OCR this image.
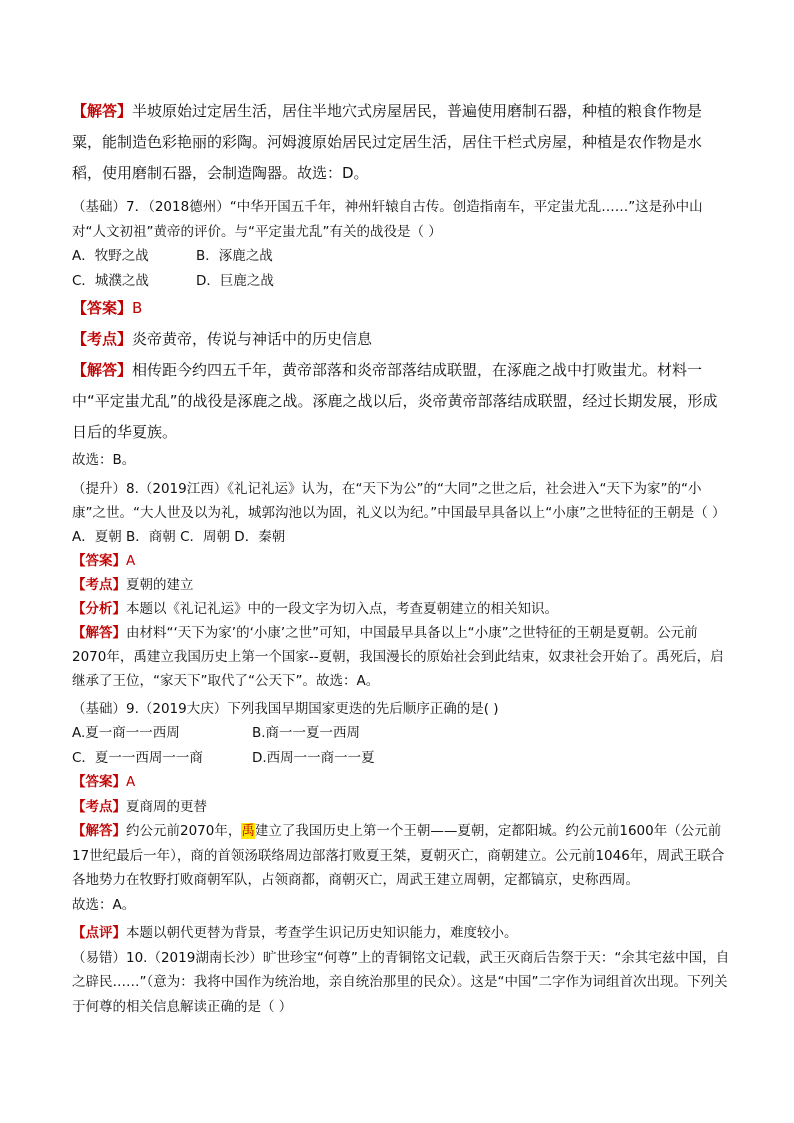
【解答】半坡原始过定居生活，居住半地穴式房屋居民，普遍使用磨制石器，种植的粮食作物是粟，能制造色彩艳丽的彩陶。河姆渡原始居民过定居生活，居住干栏式房屋，种植是农作物是水稻，使用磨制石器，会制造陶器。故选：D。

（基础）7．（2018德州）“中华开国五千年，神州轩辕自古传。创造指南车，平定蚩尤乱……”这是孙中山对“人文初祖”黄帝的评价。与“平定蚩尤乱”有关的战役是（ ）

A．牧野之战	B．涿鹿之战
C．城濮之战	D．巨鹿之战

【答案】B

【考点】炎帝黄帝，传说与神话中的历史信息

【解答】相传距今约四五千年，黄帝部落和炎帝部落结成联盟，在涿鹿之战中打败蚩尤。材料一中“平定蚩尤乱”的战役是涿鹿之战。涿鹿之战以后，炎帝黄帝部落结成联盟，经过长期发展，形成日后的华夏族。

故选：B。

（提升）8.（2019江西）《礼记礼运》认为，在“天下为公”的“大同”之世之后，社会进入“天下为家”的“小康”之世。“大人世及以为礼，城郭沟池以为固，礼义以为纪。”中国最早具备以上“小康”之世特征的王朝是（ ）

A．夏朝 B．商朝 C．周朝 D．秦朝

【答案】A

【考点】夏朝的建立

【分析】本题以《礼记礼运》中的一段文字为切入点，考查夏朝建立的相关知识。

【解答】由材料“‘天下为家’的‘小康’之世”可知，中国最早具备以上“小康”之世特征的王朝是夏朝。公元前2070年，禹建立我国历史上第一个国家--夏朝，我国漫长的原始社会到此结束，奴隶社会开始了。禹死后，启继承了王位，“家天下”取代了“公天下”。故选：A。

（基础）9.（2019大庆）下列我国早期国家更迭的先后顺序正确的是( )

A.夏一商一一西周	B.商一一夏一西周
C．夏一一西周一一商	D.西周一一商一一夏

【答案】A

【考点】夏商周的更替

【解答】约公元前2070年，禹建立了我国历史上第一个王朝——夏朝，定都阳城。约公元前1600年（公元前17世纪最后一年），商的首领汤联络周边部落打败夏王桀，夏朝灭亡，商朝建立。公元前1046年，周武王联合各地势力在牧野打败商朝军队，占领商都，商朝灭亡，周武王建立周朝，定都镐京，史称西周。

故选：A。

【点评】本题以朝代更替为背景，考查学生识记历史知识能力，难度较小。

（易错）10.（2019湖南长沙）旷世珍宝“何尊”上的青铜铭文记载，武王灭商后告祭于天：“余其宅兹中国，自之辟民……”（意为：我将中国作为统治地，亲自统治那里的民众）。这是“中国”二字作为词组首次出现。下列关于何尊的相关信息解读正确的是（ ）
